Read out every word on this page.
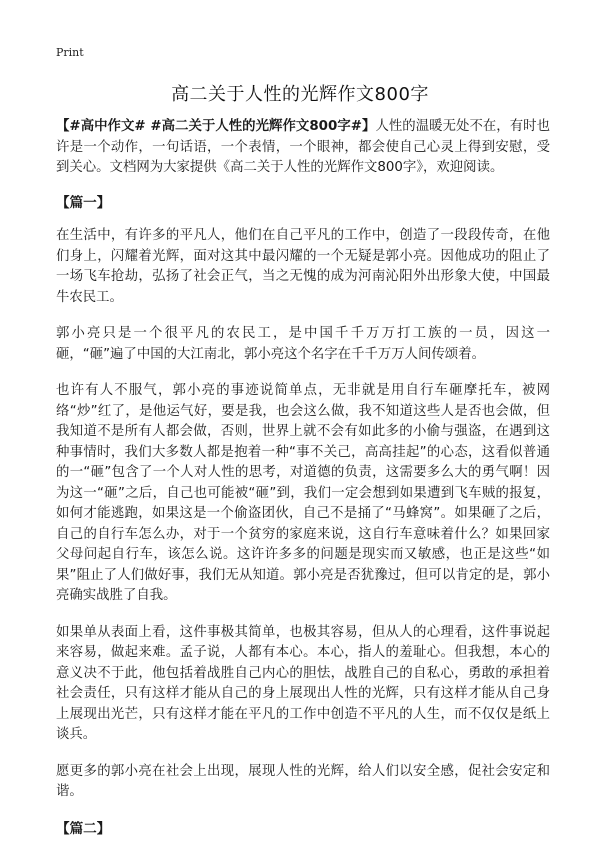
Print
高二关于人性的光辉作文800字

【#高中作文# #高二关于人性的光辉作文800字#】人性的温暖无处不在，有时也许是一个动作，一句话语，一个表情，一个眼神，都会使自己心灵上得到安慰，受到关心。文档网为大家提供《高二关于人性的光辉作文800字》，欢迎阅读。

【篇一】

在生活中，有许多的平凡人，他们在自己平凡的工作中，创造了一段段传奇，在他们身上，闪耀着光辉，面对这其中最闪耀的一个无疑是郭小亮。因他成功的阻止了一场飞车抢劫，弘扬了社会正气，当之无愧的成为河南沁阳外出形象大使，中国最牛农民工。

郭小亮只是一个很平凡的农民工，是中国千千万万打工族的一员，因这一砸，“砸”遍了中国的大江南北，郭小亮这个名字在千千万万人间传颂着。

也许有人不服气，郭小亮的事迹说简单点，无非就是用自行车砸摩托车，被网络“炒”红了，是他运气好，要是我，也会这么做，我不知道这些人是否也会做，但我知道不是所有人都会做，否则，世界上就不会有如此多的小偷与强盗，在遇到这种事情时，我们大多数人都是抱着一种“事不关己，高高挂起”的心态，这看似普通的一“砸”包含了一个人对人性的思考，对道德的负责，这需要多么大的勇气啊！因为这一“砸”之后，自己也可能被“砸”到，我们一定会想到如果遭到飞车贼的报复，如何才能逃跑，如果这是一个偷盗团伙，自己不是捅了“马蜂窝”。如果砸了之后，自己的自行车怎么办，对于一个贫穷的家庭来说，这自行车意味着什么？如果回家父母问起自行车，该怎么说。这许许多多的问题是现实而又敏感，也正是这些“如果”阻止了人们做好事，我们无从知道。郭小亮是否犹豫过，但可以肯定的是，郭小亮确实战胜了自我。

如果单从表面上看，这件事极其简单，也极其容易，但从人的心理看，这件事说起来容易，做起来难。孟子说，人都有本心。本心，指人的羞耻心。但我想，本心的意义决不于此，他包括着战胜自己内心的胆怯，战胜自己的自私心，勇敢的承担着社会责任，只有这样才能从自己的身上展现出人性的光辉，只有这样才能从自己身上展现出光芒，只有这样才能在平凡的工作中创造不平凡的人生，而不仅仅是纸上谈兵。

愿更多的郭小亮在社会上出现，展现人性的光辉，给人们以安全感，促社会安定和谐。

【篇二】
